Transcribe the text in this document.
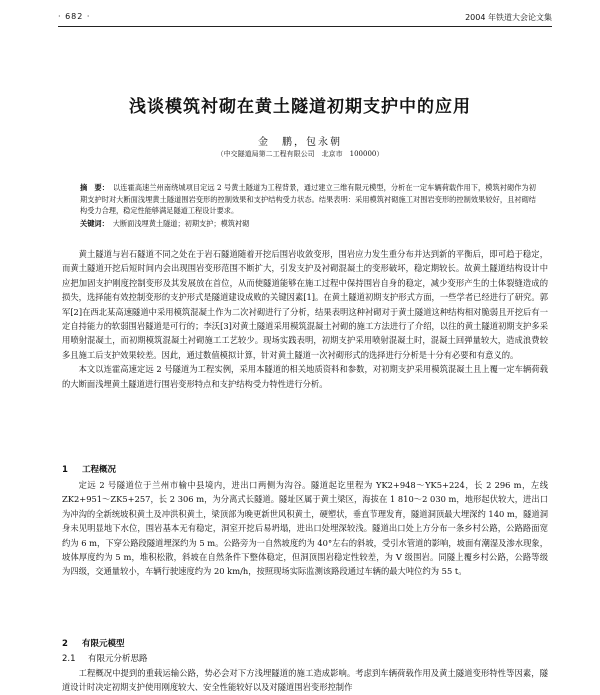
· 682 ·	2004 年铁道大会论文集
浅谈模筑衬砌在黄土隧道初期支护中的应用
金　鹏，包永朝
（中交隧道局第二工程有限公司　北京市　100000）
摘　要： 以连霍高速兰州南绕城项目定远 2 号黄土隧道为工程背景，通过建立三维有限元模型，分析在一定车辆荷载作用下，模筑衬砌作为初期支护时对大断面浅埋黄土隧道围岩变形的控制效果和支护结构受力状态。结果表明：采用模筑衬砌施工对围岩变形的控制效果较好，且衬砌结构受力合理，稳定性能够满足隧道工程设计要求。
关键词： 大断面浅埋黄土隧道；初期支护；模筑衬砌

黄土隧道与岩石隧道不同之处在于岩石隧道随着开挖后围岩收敛变形，围岩应力发生重分布并达到新的平衡后，即可趋于稳定，而黄土隧道开挖后短时间内会出现围岩变形范围不断扩大，引发支护及衬砌混凝土的变形破坏，稳定期较长。故黄土隧道结构设计中应把加固支护刚度控制变形及其发展放在首位，从而使隧道能够在施工过程中保持围岩自身的稳定，减少变形产生的土体裂缝造成的损失，选择能有效控制变形的支护形式是隧道建设成败的关键因素[1]。在黄土隧道初期支护形式方面，一些学者已经进行了研究。郭军[2]在西北某高速隧道中采用模筑混凝土作为二次衬砌进行了分析，结果表明这种衬砌对于黄土隧道这种结构相对脆弱且开挖后有一定自持能力的软弱围岩隧道是可行的；李沃[3]对黄土隧道采用模筑混凝土衬砌的施工方法进行了介绍，以往的黄土隧道初期支护多采用喷射混凝土，而初期模筑混凝土衬砌施工工艺较少。现场实践表明，初期支护采用喷射混凝土时，混凝土回弹量较大，造成浪费较多且施工后支护效果较差。因此，通过数值模拟计算，针对黄土隧道一次衬砌形式的选择进行分析是十分有必要和有意义的。

本文以连霍高速定远 2 号隧道为工程实例，采用本隧道的相关地质资料和参数，对初期支护采用模筑混凝土且上覆一定车辆荷载的大断面浅埋黄土隧道进行围岩变形特点和支护结构受力特性进行分析。

1 工程概况

定远 2 号隧道位于兰州市榆中县境内，进出口两侧为沟谷。隧道起讫里程为 YK2+948～YK5+224，长 2 296 m，左线 ZK2+951～ZK5+257，长 2 306 m，为分离式长隧道。隧址区属于黄土梁区，海拔在 1 810～2 030 m，地形起伏较大，进出口为冲沟的全新统坡积黄土及冲洪积黄土，梁顶部为晚更新世风积黄土，硬塑状，垂直节理发育，隧道洞顶最大埋深约 140 m，隧道洞身未见明显地下水位，围岩基本无有稳定，洞室开挖后易坍塌，进出口处埋深较浅。隧道出口处上方分布一条乡村公路，公路路面宽约为 6 m，下穿公路段隧道埋深约为 5 m。公路旁为一自然坡度约为 40°左右的斜坡，受引水管道的影响，坡面有潮湿及渗水现象，坡体厚度约为 5 m，堆积松散，斜坡在自然条件下整体稳定，但洞顶围岩稳定性较差，为 V 级围岩。同隧上覆乡村公路，公路等级为四级，交通量较小，车辆行驶速度约为 20 km/h，按照现场实际监测该路段通过车辆的最大吨位约为 55 t。

2 有限元模型
2.1 有限元分析思路

工程概况中提到的重载运输公路，势必会对下方浅埋隧道的施工造成影响。考虑到车辆荷载作用及黄土隧道变形特性等因素，隧道设计时决定初期支护使用刚度较大、安全性能较好以及对隧道围岩变形控制作
